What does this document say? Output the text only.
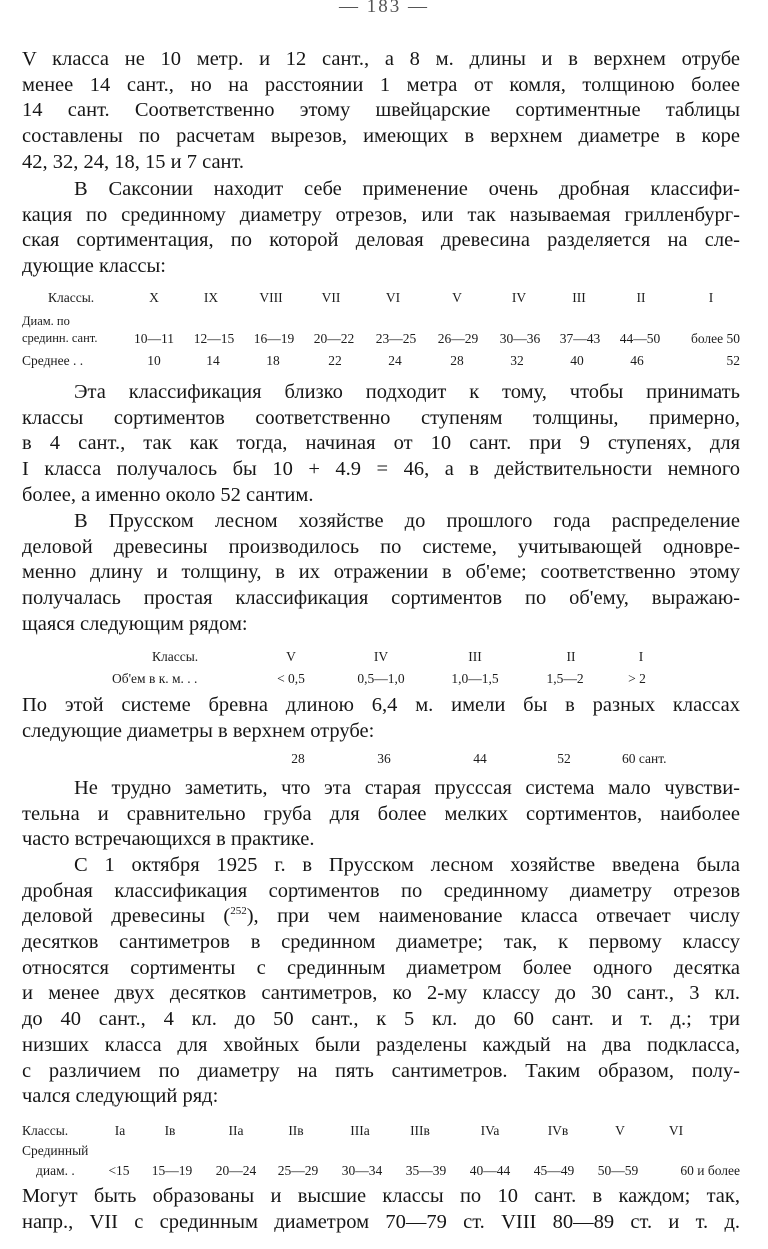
— 183 —
V класса не 10 метр. и 12 сант., а 8 м. длины и в верхнем отрубе
менее 14 сант., но на расстоянии 1 метра от комля, толщиною более
14 сант. Соответственно этому швейцарские сортиментные таблицы
составлены по расчетам вырезов, имеющих в верхнем диаметре в коре
42, 32, 24, 18, 15 и 7 сант.
В Саксонии находит себе применение очень дробная классифи-
кация по срединному диаметру отрезов, или так называемая грилленбург-
ская сортиментация, по которой деловая древесина разделяется на сле-
дующие классы:
Классы.	X	IX	VIII	VII	VI	V	IV	III	II	I
Диам. по
срединн. сант.	10—11	12—15	16—19	20—22	23—25	26—29	30—36	37—43	44—50	более 50
Среднее . .	10	14	18	22	24	28	32	40	46	52
Эта классификация близко подходит к тому, чтобы принимать
классы сортиментов соответственно ступеням толщины, примерно,
в 4 сант., так как тогда, начиная от 10 сант. при 9 ступенях, для
I класса получалось бы 10 + 4.9 = 46, а в действительности немного
более, а именно около 52 сантим.
В Прусском лесном хозяйстве до прошлого года распределение
деловой древесины производилось по системе, учитывающей одновре-
менно длину и толщину, в их отражении в об'еме; соответственно этому
получалась простая классификация сортиментов по об'ему, выражаю-
щаяся следующим рядом:
Классы.	V	IV	III	II	I
Об'ем в к. м. . .	< 0,5	0,5—1,0	1,0—1,5	1,5—2	> 2
По этой системе бревна длиною 6,4 м. имели бы в разных классах
следующие диаметры в верхнем отрубе:
28	36	44	52	60 сант.
Не трудно заметить, что эта старая прусссая система мало чувстви-
тельна и сравнительно груба для более мелких сортиментов, наиболее
часто встречающихся в практике.
С 1 октября 1925 г. в Прусском лесном хозяйстве введена была
дробная классификация сортиментов по срединному диаметру отрезов
деловой древесины ($^{252}$), при чем наименование класса отвечает числу
десятков сантиметров в срединном диаметре; так, к первому классу
относятся сортименты с срединным диаметром более одного десятка
и менее двух десятков сантиметров, ко 2-му классу до 30 сант., 3 кл.
до 40 сант., 4 кл. до 50 сант., к 5 кл. до 60 сант. и т. д.; три
низших класса для хвойных были разделены каждый на два подкласса,
с различием по диаметру на пять сантиметров. Таким образом, полу-
чался следующий ряд:
Классы.	Ia	Iв	IIa	IIв	IIIa	IIIв	IVa	IVв	V	VI
Срединный
диам. .	<15	15—19	20—24	25—29	30—34	35—39	40—44	45—49	50—59	60 и более
Могут быть образованы и высшие классы по 10 сант. в каждом; так,
напр., VII с срединным диаметром 70—79 ст. VIII 80—89 ст. и т. д.
